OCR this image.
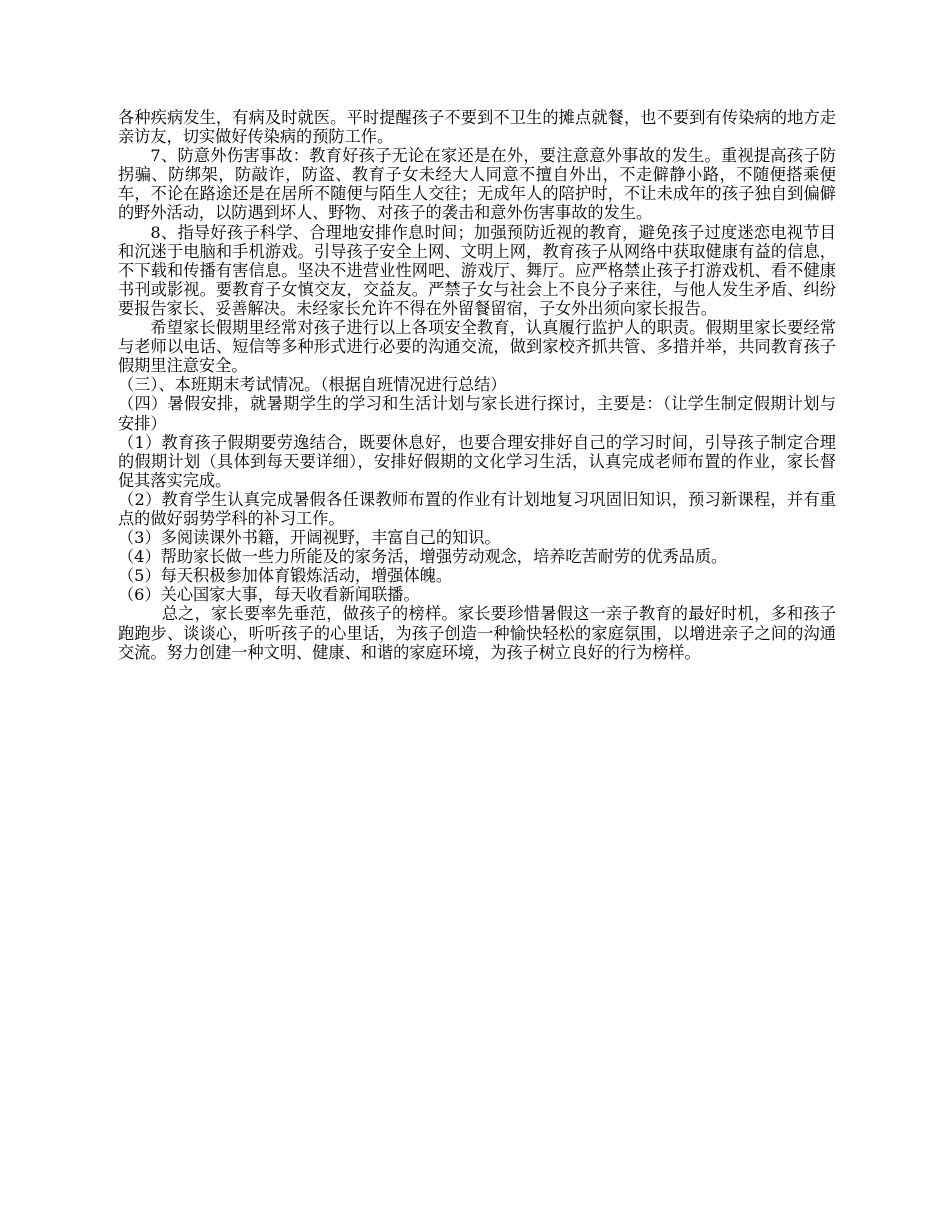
各种疾病发生，有病及时就医。平时提醒孩子不要到不卫生的摊点就餐，也不要到有传染病的地方走亲访友，切实做好传染病的预防工作。

7、防意外伤害事故：教育好孩子无论在家还是在外，要注意意外事故的发生。重视提高孩子防拐骗、防绑架，防敲诈，防盗、教育子女未经大人同意不擅自外出，不走僻静小路，不随便搭乘便车，不论在路途还是在居所不随便与陌生人交往；无成年人的陪护时，不让未成年的孩子独自到偏僻的野外活动，以防遇到坏人、野物、对孩子的袭击和意外伤害事故的发生。

8、指导好孩子科学、合理地安排作息时间；加强预防近视的教育，避免孩子过度迷恋电视节目和沉迷于电脑和手机游戏。引导孩子安全上网、文明上网，教育孩子从网络中获取健康有益的信息，不下载和传播有害信息。坚决不进营业性网吧、游戏厅、舞厅。应严格禁止孩子打游戏机、看不健康书刊或影视。要教育子女慎交友，交益友。严禁子女与社会上不良分子来往，与他人发生矛盾、纠纷要报告家长、妥善解决。未经家长允许不得在外留餐留宿，子女外出须向家长报告。

希望家长假期里经常对孩子进行以上各项安全教育，认真履行监护人的职责。假期里家长要经常与老师以电话、短信等多种形式进行必要的沟通交流，做到家校齐抓共管、多措并举，共同教育孩子假期里注意安全。

（三）、本班期末考试情况。（根据自班情况进行总结）

（四）暑假安排，就暑期学生的学习和生活计划与家长进行探讨，主要是：（让学生制定假期计划与安排）

（1）教育孩子假期要劳逸结合，既要休息好，也要合理安排好自己的学习时间，引导孩子制定合理的假期计划（具体到每天要详细），安排好假期的文化学习生活，认真完成老师布置的作业，家长督促其落实完成。

（2）教育学生认真完成暑假各任课教师布置的作业有计划地复习巩固旧知识，预习新课程，并有重点的做好弱势学科的补习工作。

（3）多阅读课外书籍，开阔视野，丰富自己的知识。

（4）帮助家长做一些力所能及的家务活，增强劳动观念，培养吃苦耐劳的优秀品质。

（5）每天积极参加体育锻炼活动，增强体魄。

（6）关心国家大事，每天收看新闻联播。

总之，家长要率先垂范，做孩子的榜样。家长要珍惜暑假这一亲子教育的最好时机，多和孩子跑跑步、谈谈心，听听孩子的心里话，为孩子创造一种愉快轻松的家庭氛围，以增进亲子之间的沟通交流。努力创建一种文明、健康、和谐的家庭环境，为孩子树立良好的行为榜样。
